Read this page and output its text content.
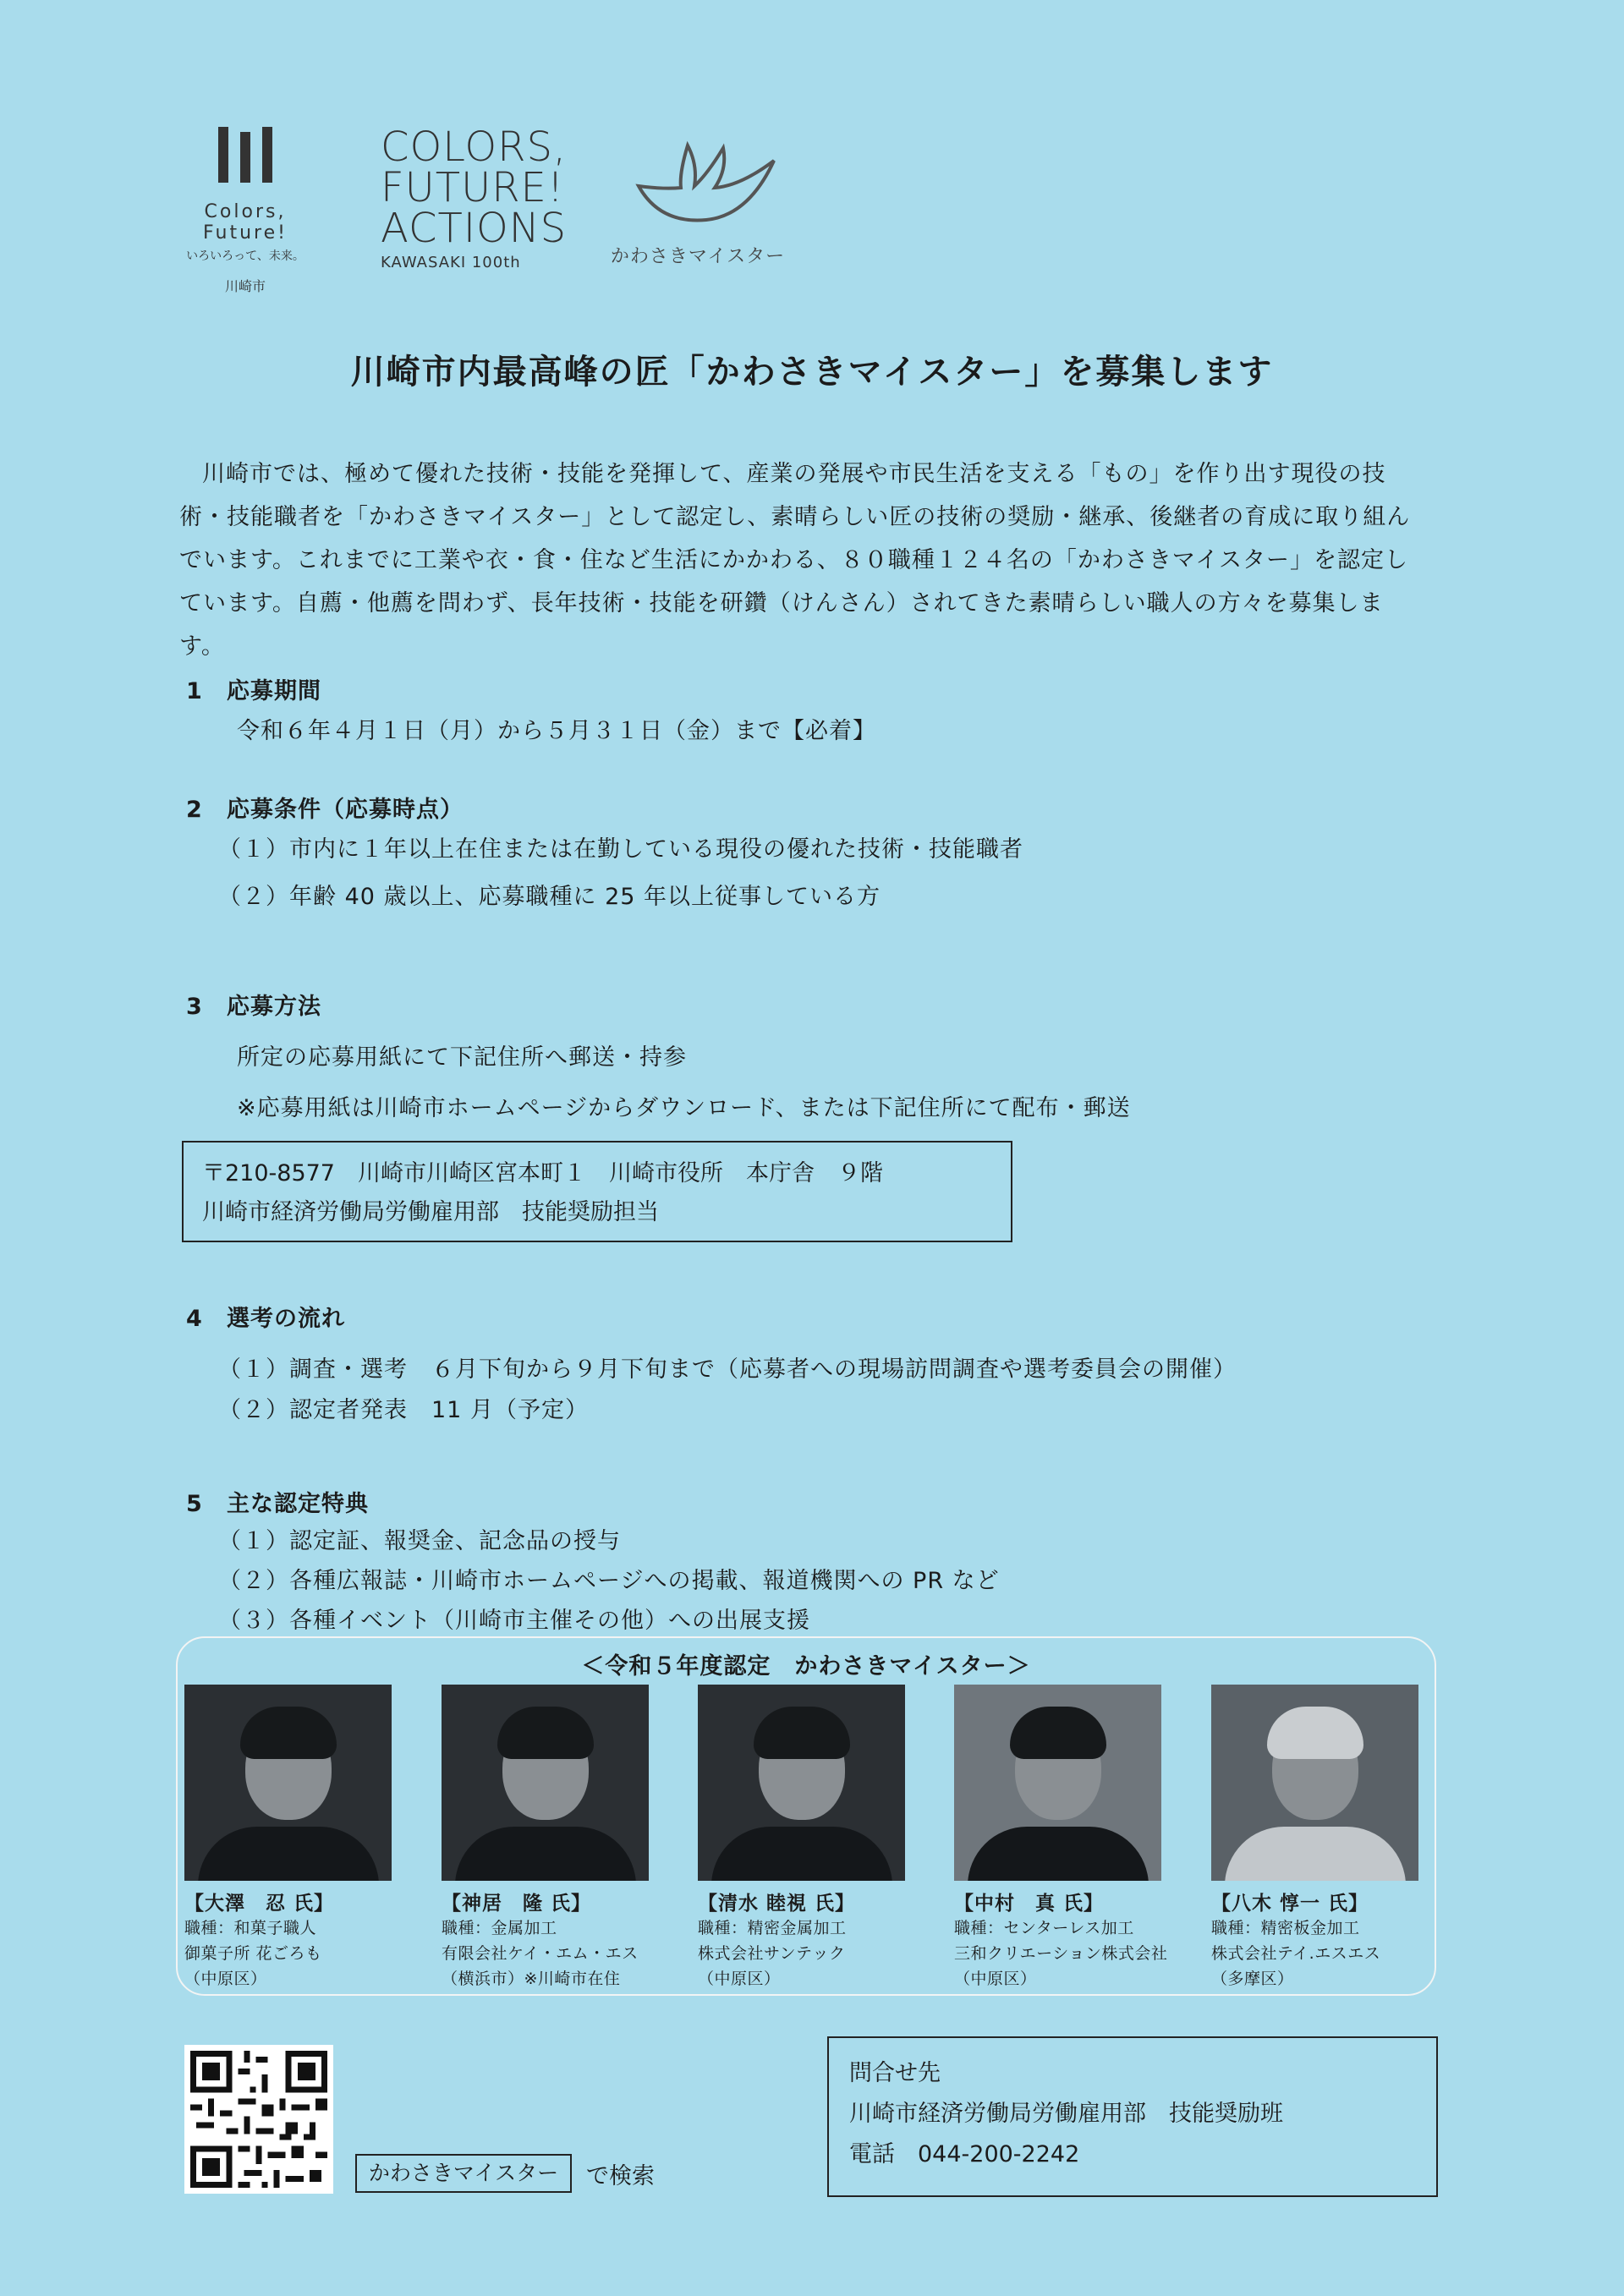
Colors, Future!
いろいろって、未来。
川崎市
COLORS,
FUTURE!
ACTIONS
KAWASAKI 100th	かわさきマイスター
川崎市内最高峰の匠「かわさきマイスター」を募集します

川崎市では、極めて優れた技術・技能を発揮して、産業の発展や市民生活を支える「もの」を作り出す現役の技術・技能職者を「かわさきマイスター」として認定し、素晴らしい匠の技術の奨励・継承、後継者の育成に取り組んでいます。これまでに工業や衣・食・住など生活にかかわる、８０職種１２４名の「かわさきマイスター」を認定しています。自薦・他薦を問わず、長年技術・技能を研鑽（けんさん）されてきた素晴らしい職人の方々を募集します。

1 応募期間
令和６年４月１日（月）から５月３１日（金）まで【必着】
2 応募条件（応募時点）
（１）市内に１年以上在住または在勤している現役の優れた技術・技能職者
（２）年齢 40 歳以上、応募職種に 25 年以上従事している方
3 応募方法
所定の応募用紙にて下記住所へ郵送・持参
※応募用紙は川崎市ホームページからダウンロード、または下記住所にて配布・郵送
〒210-8577　川崎市川崎区宮本町１　川崎市役所　本庁舎　９階
川崎市経済労働局労働雇用部　技能奨励担当
4 選考の流れ
（１）調査・選考　６月下旬から９月下旬まで（応募者への現場訪問調査や選考委員会の開催）
（２）認定者発表　11 月（予定）
5 主な認定特典
（１）認定証、報奨金、記念品の授与
（２）各種広報誌・川崎市ホームページへの掲載、報道機関への PR など
（３）各種イベント（川崎市主催その他）への出展支援
＜令和５年度認定　かわさきマイスター＞
【大澤　忍 氏】
職種：和菓子職人
御菓子所 花ごろも
（中原区）
【神居　隆 氏】
職種：金属加工
有限会社ケイ・エム・エス
（横浜市）※川崎市在住
【清水 睦視 氏】
職種：精密金属加工
株式会社サンテック
（中原区）
【中村　真 氏】
職種：センターレス加工
三和クリエーション株式会社
（中原区）
【八木 惇一 氏】
職種：精密板金加工
株式会社テイ.エスエス
（多摩区）
かわさきマイスター	で検索
問合せ先
川崎市経済労働局労働雇用部　技能奨励班
電話　044-200-2242
